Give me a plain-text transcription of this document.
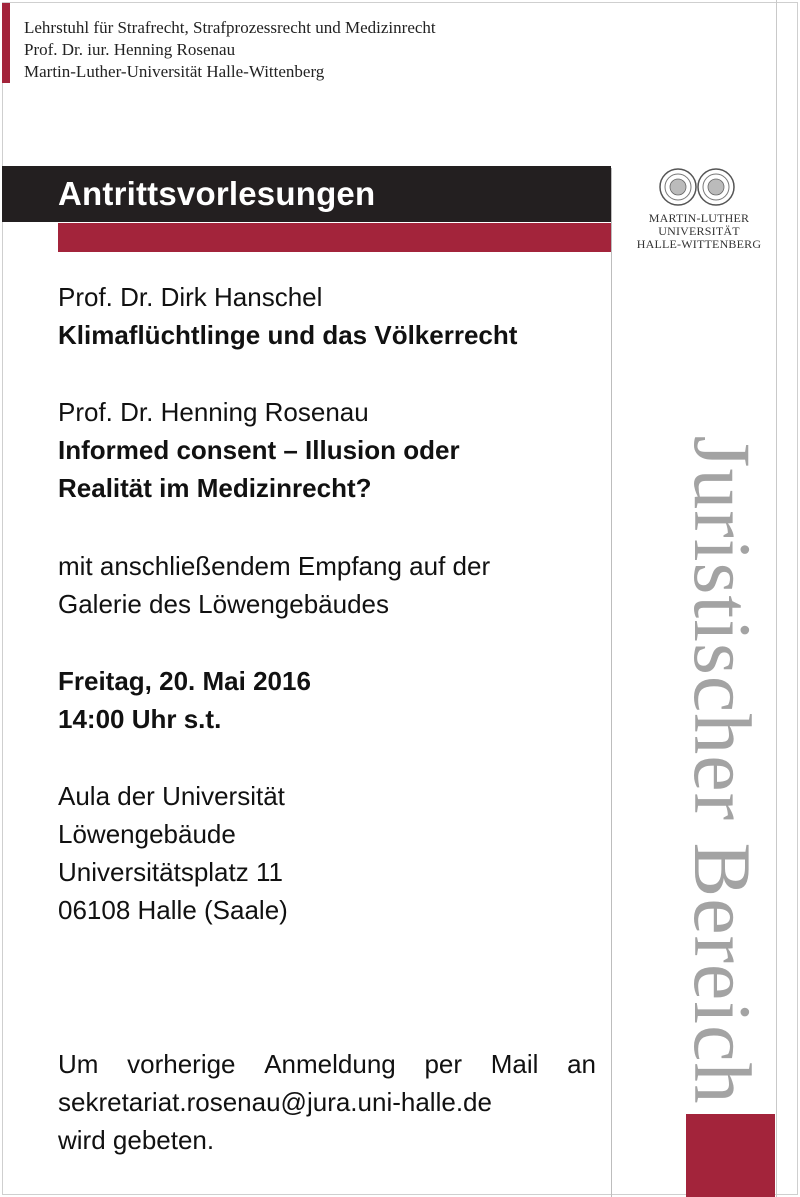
Lehrstuhl für Strafrecht, Strafprozessrecht und Medizinrecht
Prof. Dr. iur. Henning Rosenau
Martin-Luther-Universität Halle-Wittenberg
Antrittsvorlesungen
MARTIN-LUTHER
UNIVERSITÄT
HALLE-WITTENBERG
Juristischer Bereich
Prof. Dr. Dirk Hanschel
Klimaflüchtlinge und das Völkerrecht
Prof. Dr. Henning Rosenau
Informed consent – Illusion oder
Realität im Medizinrecht?
mit anschließendem Empfang auf der
Galerie des Löwengebäudes
Freitag, 20. Mai 2016
14:00 Uhr s.t.
Aula der Universität
Löwengebäude
Universitätsplatz 11
06108 Halle (Saale)
Um vorherige Anmeldung per Mail an
sekretariat.rosenau@jura.uni-halle.de
wird gebeten.
